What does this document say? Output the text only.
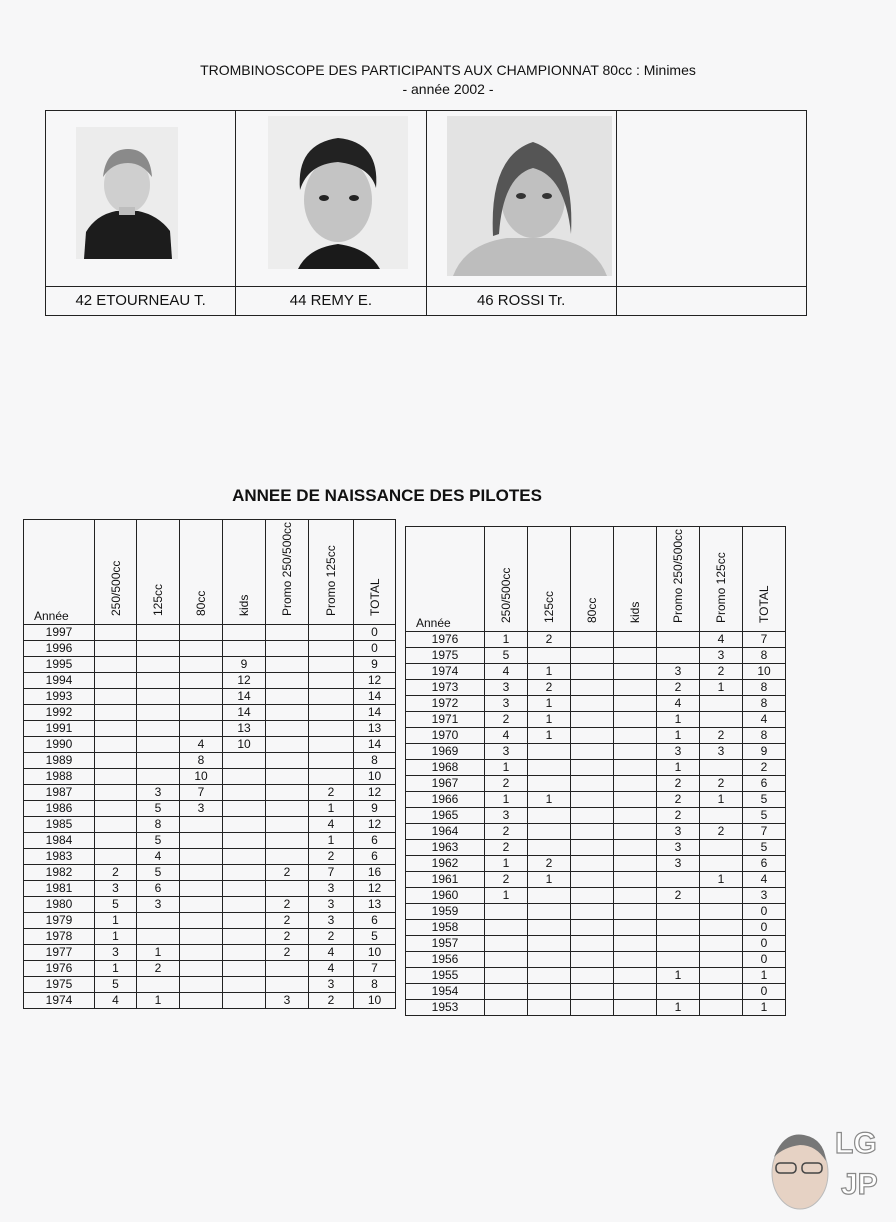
TROMBINOSCOPE DES PARTICIPANTS AUX CHAMPIONNAT 80cc : Minimes
- année 2002 -
42 ETOURNEAU T.	44 REMY E.	46 ROSSI Tr.
ANNEE DE NAISSANCE DES PILOTES
Année	250/500cc	125cc	80cc	kids	Promo 250/500cc	Promo 125cc	TOTAL

1997							0
1996							0
1995				9			9
1994				12			12
1993				14			14
1992				14			14
1991				13			13
1990			4	10			14
1989			8				8
1988			10				10
1987		3	7			2	12
1986		5	3			1	9
1985		8				4	12
1984		5				1	6
1983		4				2	6
1982	2	5			2	7	16
1981	3	6				3	12
1980	5	3			2	3	13
1979	1				2	3	6
1978	1				2	2	5
1977	3	1			2	4	10
1976	1	2				4	7
1975	5					3	8
1974	4	1			3	2	10
Année	250/500cc	125cc	80cc	kids	Promo 250/500cc	Promo 125cc	TOTAL

1976	1	2				4	7
1975	5					3	8
1974	4	1			3	2	10
1973	3	2			2	1	8
1972	3	1			4		8
1971	2	1			1		4
1970	4	1			1	2	8
1969	3				3	3	9
1968	1				1		2
1967	2				2	2	6
1966	1	1			2	1	5
1965	3				2		5
1964	2				3	2	7
1963	2				3		5
1962	1	2			3		6
1961	2	1				1	4
1960	1				2		3
1959							0
1958							0
1957							0
1956							0
1955					1		1
1954							0
1953					1		1
LG
JP
